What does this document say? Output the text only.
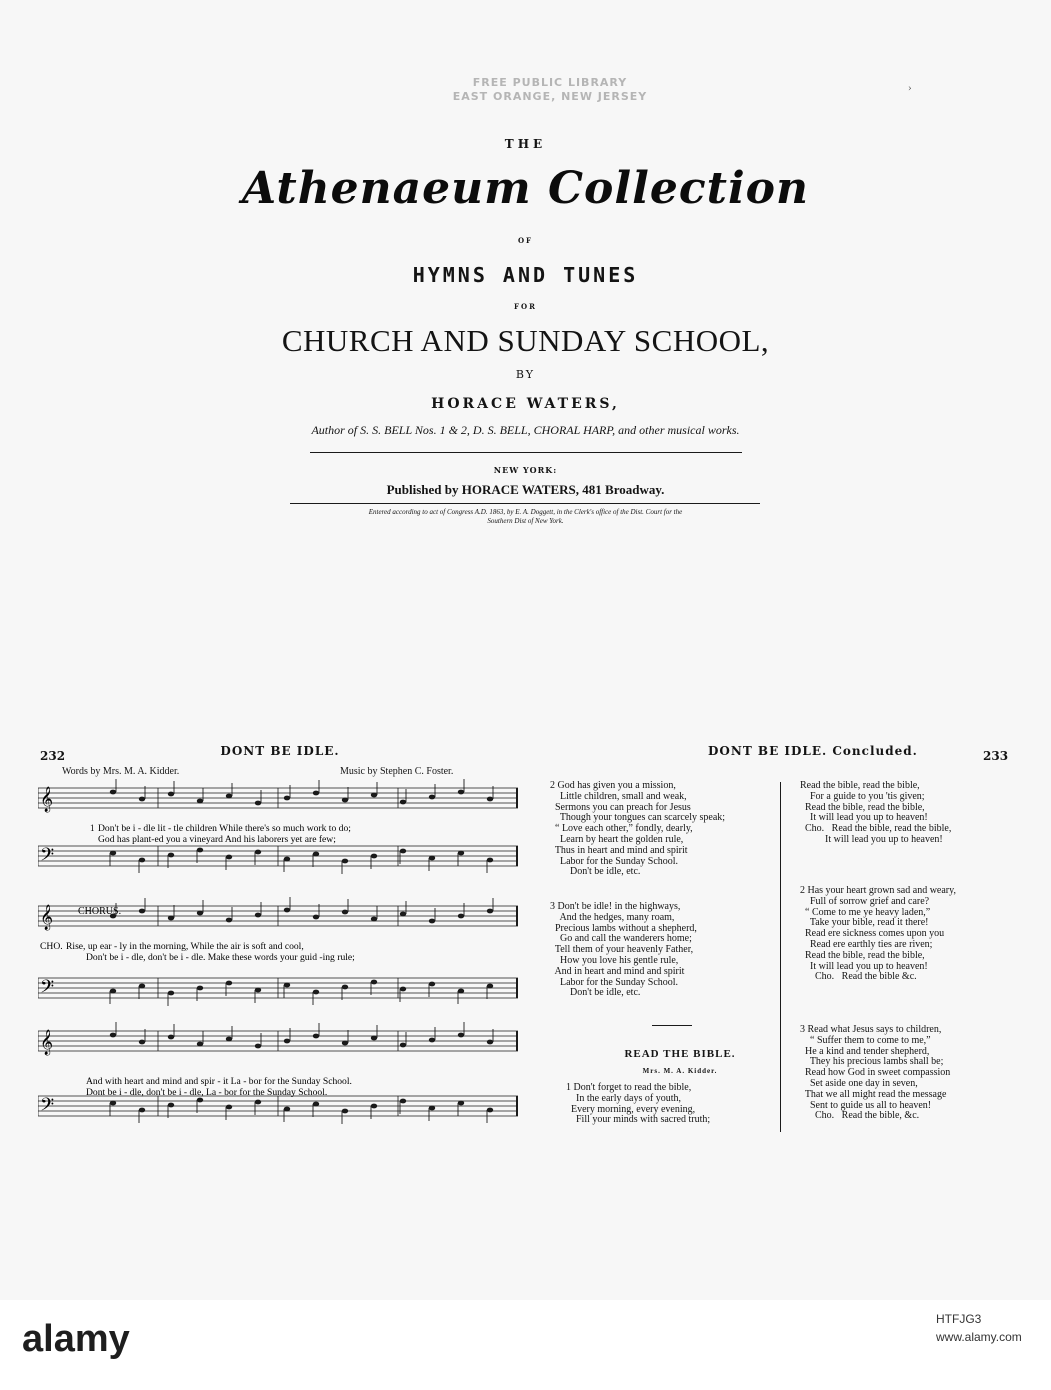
FREE PUBLIC LIBRARY
EAST ORANGE, NEW JERSEY
›
THE
Athenaeum Collection
OF
HYMNS AND TUNES
FOR
CHURCH AND SUNDAY SCHOOL,
BY
HORACE WATERS,
Author of S. S. BELL Nos. 1 & 2, D. S. BELL, CHORAL HARP, and other musical works.
NEW YORK:
Published by HORACE WATERS, 481 Broadway.
Entered according to act of Congress A.D. 1863, by E. A. Doggett, in the Clerk's office of the Dist. Court for the
Southern Dist of New York.
232	DONT BE IDLE.
Words by Mrs. M. A. Kidder.	Music by Stephen C. Foster.
𝄞
𝄢
𝄞
𝄢
𝄞
𝄢
1 Don't be i - dle lit - tle children While there's so much work to do;
God has plant-ed you a vineyard And his laborers yet are few;
CHORUS.
CHO. Rise, up ear - ly in the morning, While the air is soft and cool,
Don't be i - dle, don't be i - dle. Make these words your guid -ing rule;
And with heart and mind and spir - it La - bor for the Sunday School.
Dont be i - dle, don't be i - dle, La - bor for the Sunday School.
DONT BE IDLE. Concluded.	233
2 God has given you a mission,
Little children, small and weak,
Sermons you can preach for Jesus
Though your tongues can scarcely speak;
“ Love each other,” fondly, dearly,
Learn by heart the golden rule,
Thus in heart and mind and spirit
Labor for the Sunday School.
Don't be idle, etc.
3 Don't be idle! in the highways,
And the hedges, many roam,
Precious lambs without a shepherd,
Go and call the wanderers home;
Tell them of your heavenly Father,
How you love his gentle rule,
And in heart and mind and spirit
Labor for the Sunday School.
Don't be idle, etc.
READ THE BIBLE.
Mrs. M. A. Kidder.
1 Don't forget to read the bible,
In the early days of youth,
Every morning, every evening,
Fill your minds with sacred truth;
Read the bible, read the bible,
For a guide to you 'tis given;
Read the bible, read the bible,
It will lead you up to heaven!
Cho.   Read the bible, read the bible,
It will lead you up to heaven!
2 Has your heart grown sad and weary,
Full of sorrow grief and care?
“ Come to me ye heavy laden,”
Take your bible, read it there!
Read ere sickness comes upon you
Read ere earthly ties are riven;
Read the bible, read the bible,
It will lead you up to heaven!
Cho.   Read the bible &c.
3 Read what Jesus says to children,
“ Suffer them to come to me,”
He a kind and tender shepherd,
They his precious lambs shall be;
Read how God in sweet compassion
Set aside one day in seven,
That we all might read the message
Sent to guide us all to heaven!
Cho.   Read the bible, &c.
alamy	HTFJG3
www.alamy.com
